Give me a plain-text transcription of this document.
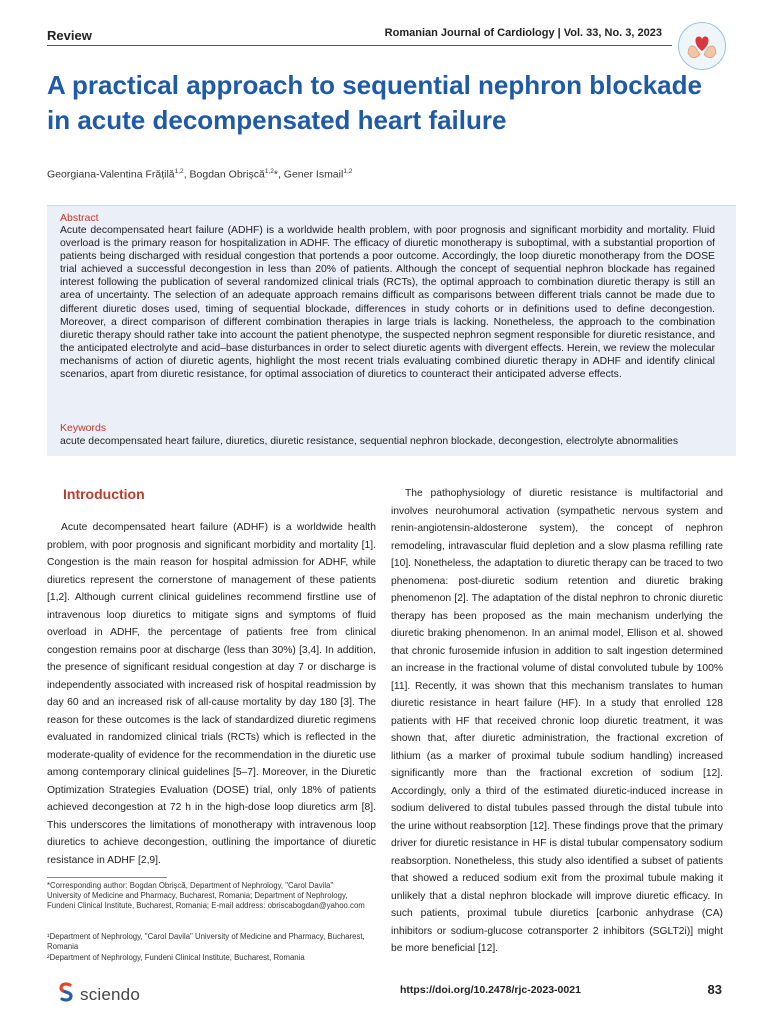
Review	Romanian Journal of Cardiology | Vol. 33, No. 3, 2023
A practical approach to sequential nephron blockade in acute decompensated heart failure
Georgiana-Valentina Frățilă$^{1,2}$, Bogdan Obrișcă$^{1,2}$*, Gener Ismail$^{1,2}$
Abstract

Acute decompensated heart failure (ADHF) is a worldwide health problem, with poor prognosis and significant morbidity and mortality. Fluid overload is the primary reason for hospitalization in ADHF. The efficacy of diuretic monotherapy is suboptimal, with a substantial proportion of patients being discharged with residual congestion that portends a poor outcome. Accordingly, the loop diuretic monotherapy from the DOSE trial achieved a successful decongestion in less than 20% of patients. Although the concept of sequential nephron blockade has regained interest following the publication of several randomized clinical trials (RCTs), the optimal approach to combination diuretic therapy is still an area of uncertainty. The selection of an adequate approach remains difficult as comparisons between different trials cannot be made due to different diuretic doses used, timing of sequential blockade, differences in study cohorts or in definitions used to define decongestion. Moreover, a direct comparison of different combination therapies in large trials is lacking. Nonetheless, the approach to the combination diuretic therapy should rather take into account the patient phenotype, the suspected nephron segment responsible for diuretic resistance, and the anticipated electrolyte and acid–base disturbances in order to select diuretic agents with divergent effects. Herein, we review the molecular mechanisms of action of diuretic agents, highlight the most recent trials evaluating combined diuretic therapy in ADHF and identify clinical scenarios, apart from diuretic resistance, for optimal association of diuretics to counteract their anticipated adverse effects.

Keywords

acute decompensated heart failure, diuretics, diuretic resistance, sequential nephron blockade, decongestion, electrolyte abnormalities

Introduction

Acute decompensated heart failure (ADHF) is a worldwide health problem, with poor prognosis and significant morbidity and mortality [1]. Congestion is the main reason for hospital admission for ADHF, while diuretics represent the cornerstone of management of these patients [1,2]. Although current clinical guidelines recommend firstline use of intravenous loop diuretics to mitigate signs and symptoms of fluid overload in ADHF, the percentage of patients free from clinical congestion remains poor at discharge (less than 30%) [3,4]. In addition, the presence of significant residual congestion at day 7 or discharge is independently associated with increased risk of hospital readmission by day 60 and an increased risk of all-cause mortality by day 180 [3]. The reason for these outcomes is the lack of standardized diuretic regimens evaluated in randomized clinical trials (RCTs) which is reflected in the moderate-quality of evidence for the recommendation in the diuretic use among contemporary clinical guidelines [5–7]. Moreover, in the Diuretic Optimization Strategies Evaluation (DOSE) trial, only 18% of patients achieved decongestion at 72 h in the high-dose loop diuretics arm [8]. This underscores the limitations of monotherapy with intravenous loop diuretics to achieve decongestion, outlining the importance of diuretic resistance in ADHF [2,9].

The pathophysiology of diuretic resistance is multifactorial and involves neurohumoral activation (sympathetic nervous system and renin-angiotensin-aldosterone system), the concept of nephron remodeling, intravascular fluid depletion and a slow plasma refilling rate [10]. Nonetheless, the adaptation to diuretic therapy can be traced to two phenomena: post-diuretic sodium retention and diuretic braking phenomenon [2]. The adaptation of the distal nephron to chronic diuretic therapy has been proposed as the main mechanism underlying the diuretic braking phenomenon. In an animal model, Ellison et al. showed that chronic furosemide infusion in addition to salt ingestion determined an increase in the fractional volume of distal convoluted tubule by 100% [11]. Recently, it was shown that this mechanism translates to human diuretic resistance in heart failure (HF). In a study that enrolled 128 patients with HF that received chronic loop diuretic treatment, it was shown that, after diuretic administration, the fractional excretion of lithium (as a marker of proximal tubule sodium handling) increased significantly more than the fractional excretion of sodium [12]. Accordingly, only a third of the estimated diuretic-induced increase in sodium delivered to distal tubules passed through the distal tubule into the urine without reabsorption [12]. These findings prove that the primary driver for diuretic resistance in HF is distal tubular compensatory sodium reabsorption. Nonetheless, this study also identified a subset of patients that showed a reduced sodium exit from the proximal tubule making it unlikely that a distal nephron blockade will improve diuretic efficacy. In such patients, proximal tubule diuretics [carbonic anhydrase (CA) inhibitors or sodium-glucose cotransporter 2 inhibitors (SGLT2i)] might be more beneficial [12].

*Corresponding author: Bogdan Obrișcă, Department of Nephrology, "Carol Davila" University of Medicine and Pharmacy, Bucharest, Romania; Department of Nephrology, Fundeni Clinical Institute, Bucharest, Romania; E-mail address: obriscabogdan@yahoo.com

¹Department of Nephrology, "Carol Davila" University of Medicine and Pharmacy, Bucharest, Romania

²Department of Nephrology, Fundeni Clinical Institute, Bucharest, Romania

sciendo	https://doi.org/10.2478/rjc-2023-0021	83
